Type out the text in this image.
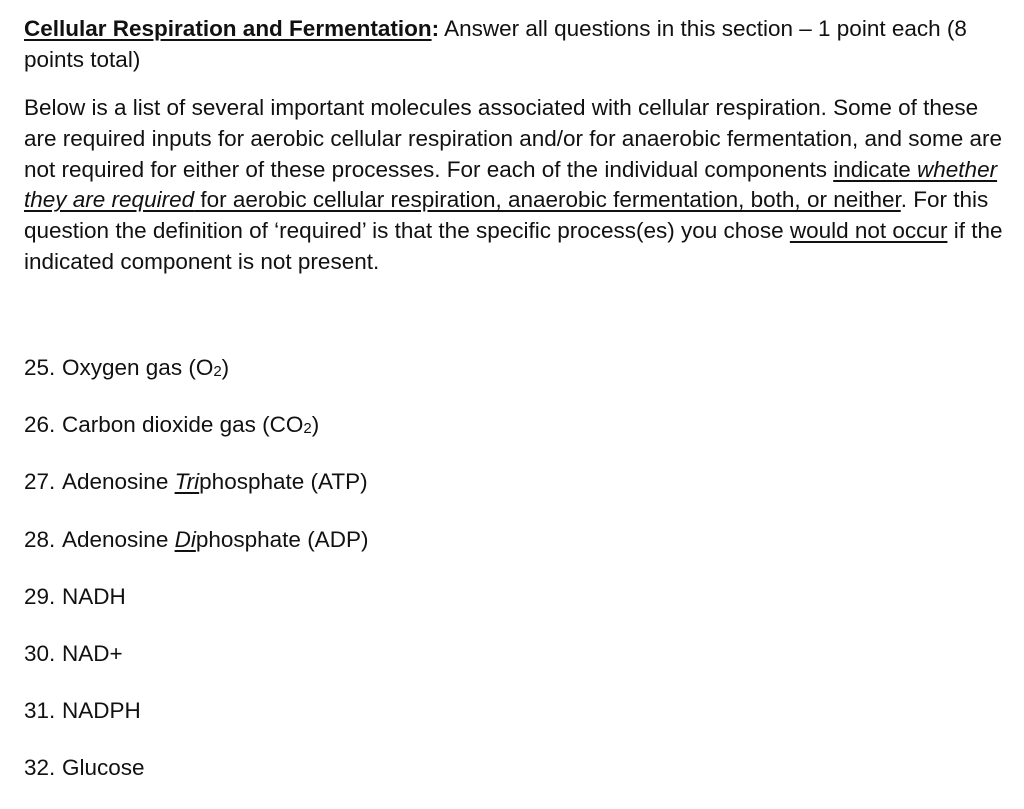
Cellular Respiration and Fermentation: Answer all questions in this section – 1 point each (8 points total)

Below is a list of several important molecules associated with cellular respiration. Some of these are required inputs for aerobic cellular respiration and/or for anaerobic fermentation, and some are not required for either of these processes. For each of the individual components indicate whether they are required for aerobic cellular respiration, anaerobic fermentation, both, or neither. For this question the definition of ‘required’ is that the specific process(es) you chose would not occur if the indicated component is not present.

25. Oxygen gas $(O_2)$
26. Carbon dioxide gas $(CO_2)$
27. Adenosine Triphosphate (ATP)
28. Adenosine Diphosphate (ADP)
29. NADH
30. NAD+
31. NADPH
32. Glucose
